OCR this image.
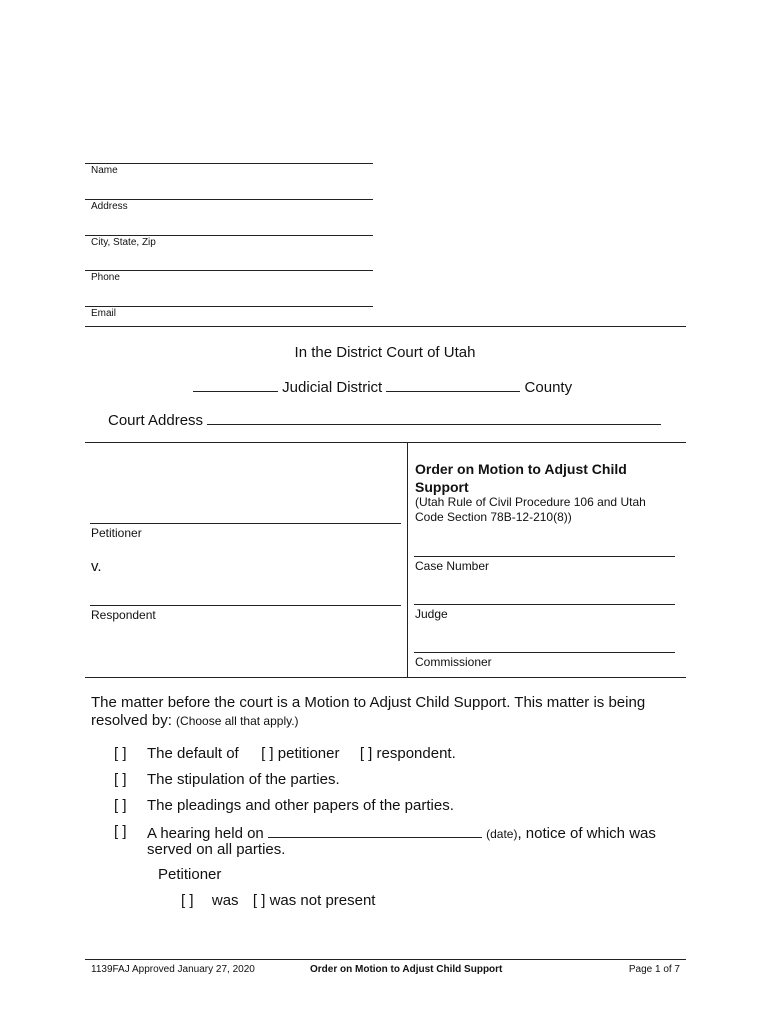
Name
Address
City, State, Zip
Phone
Email
In the District Court of Utah
Judicial District	County
Court Address
Petitioner
v.
Respondent
Order on Motion to Adjust Child
Support
(Utah Rule of Civil Procedure 106 and Utah
Code Section 78B-12-210(8))
Case Number
Judge
Commissioner
The matter before the court is a Motion to Adjust Child Support. This matter is being
resolved by: (Choose all that apply.)
[ ] The default of [ ] petitioner [ ] respondent.
[ ] The stipulation of the parties.
[ ] The pleadings and other papers of the parties.
[ ] A hearing held on	(date), notice of which was
served on all parties.
Petitioner
[ ] was [ ] was not present
1139FAJ Approved January 27, 2020	Order on Motion to Adjust Child Support	Page 1 of 7
